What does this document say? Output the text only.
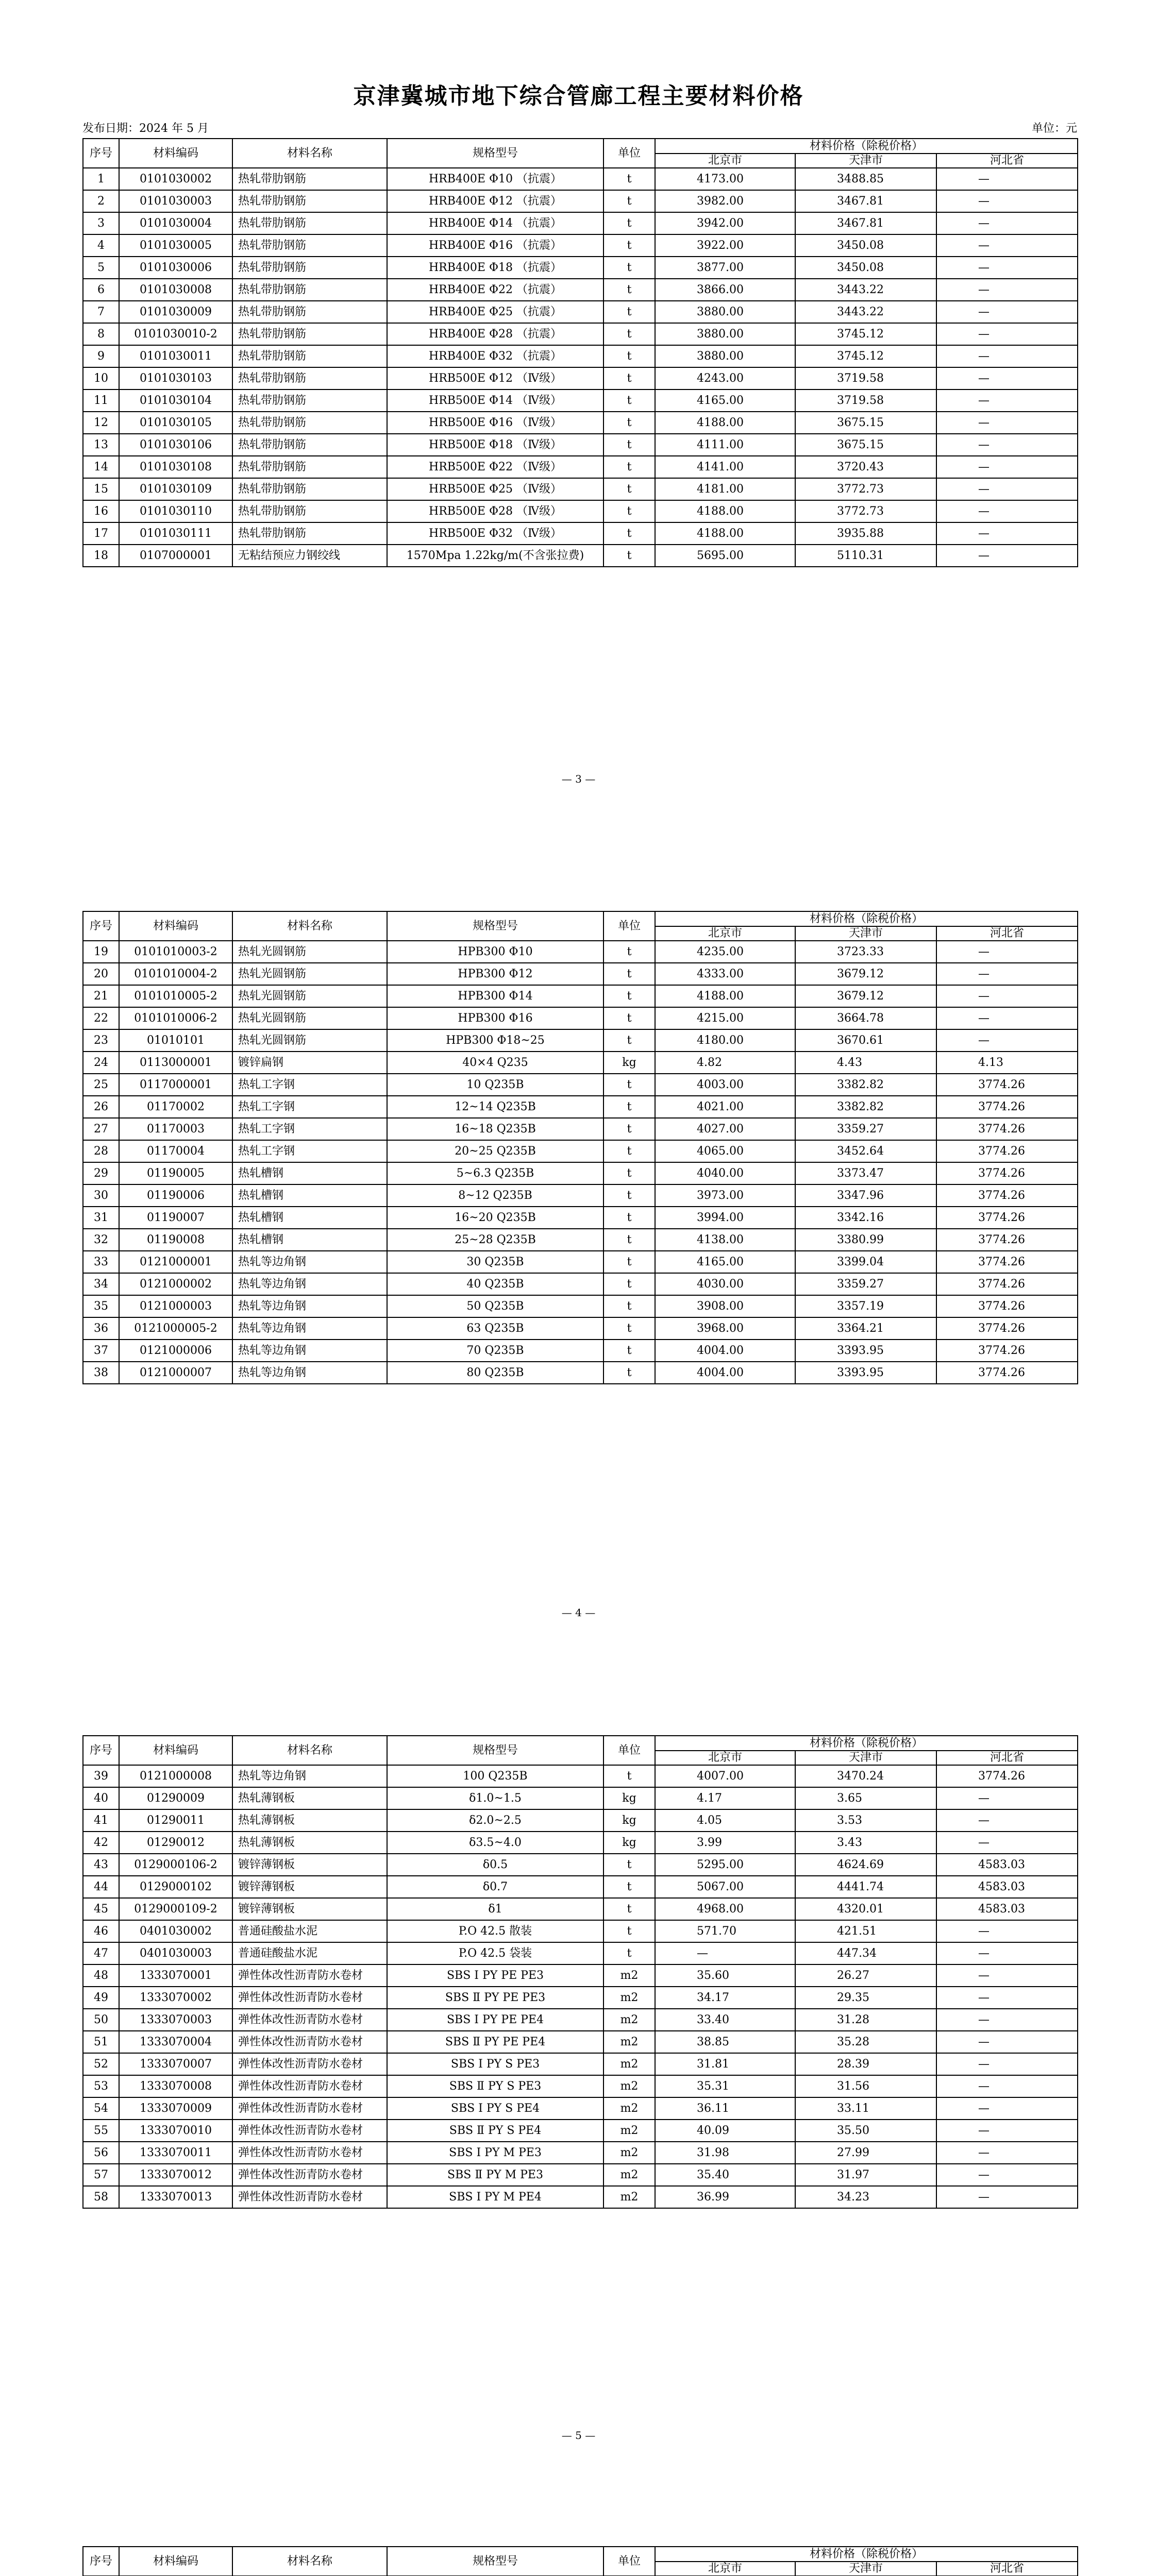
京津冀城市地下综合管廊工程主要材料价格
发布日期：2024 年 5 月	单位：元
序号	材料编码	材料名称	规格型号	单位	材料价格（除税价格）		
					北京市	天津市	河北省
1	0101030002	热轧带肋钢筋	HRB400E Φ10 （抗震）	t	4173.00	3488.85	—
2	0101030003	热轧带肋钢筋	HRB400E Φ12 （抗震）	t	3982.00	3467.81	—
3	0101030004	热轧带肋钢筋	HRB400E Φ14 （抗震）	t	3942.00	3467.81	—
4	0101030005	热轧带肋钢筋	HRB400E Φ16 （抗震）	t	3922.00	3450.08	—
5	0101030006	热轧带肋钢筋	HRB400E Φ18 （抗震）	t	3877.00	3450.08	—
6	0101030008	热轧带肋钢筋	HRB400E Φ22 （抗震）	t	3866.00	3443.22	—
7	0101030009	热轧带肋钢筋	HRB400E Φ25 （抗震）	t	3880.00	3443.22	—
8	0101030010-2	热轧带肋钢筋	HRB400E Φ28 （抗震）	t	3880.00	3745.12	—
9	0101030011	热轧带肋钢筋	HRB400E Φ32 （抗震）	t	3880.00	3745.12	—
10	0101030103	热轧带肋钢筋	HRB500E Φ12 （Ⅳ级）	t	4243.00	3719.58	—
11	0101030104	热轧带肋钢筋	HRB500E Φ14 （Ⅳ级）	t	4165.00	3719.58	—
12	0101030105	热轧带肋钢筋	HRB500E Φ16 （Ⅳ级）	t	4188.00	3675.15	—
13	0101030106	热轧带肋钢筋	HRB500E Φ18 （Ⅳ级）	t	4111.00	3675.15	—
14	0101030108	热轧带肋钢筋	HRB500E Φ22 （Ⅳ级）	t	4141.00	3720.43	—
15	0101030109	热轧带肋钢筋	HRB500E Φ25 （Ⅳ级）	t	4181.00	3772.73	—
16	0101030110	热轧带肋钢筋	HRB500E Φ28 （Ⅳ级）	t	4188.00	3772.73	—
17	0101030111	热轧带肋钢筋	HRB500E Φ32 （Ⅳ级）	t	4188.00	3935.88	—
18	0107000001	无粘结预应力钢绞线	1570Mpa 1.22kg/m(不含张拉费)	t	5695.00	5110.31	—
— 3 —
序号	材料编码	材料名称	规格型号	单位	材料价格（除税价格）		
					北京市	天津市	河北省
19	0101010003-2	热轧光圆钢筋	HPB300 Φ10	t	4235.00	3723.33	—
20	0101010004-2	热轧光圆钢筋	HPB300 Φ12	t	4333.00	3679.12	—
21	0101010005-2	热轧光圆钢筋	HPB300 Φ14	t	4188.00	3679.12	—
22	0101010006-2	热轧光圆钢筋	HPB300 Φ16	t	4215.00	3664.78	—
23	01010101	热轧光圆钢筋	HPB300 Φ18~25	t	4180.00	3670.61	—
24	0113000001	镀锌扁钢	40×4 Q235	kg	4.82	4.43	4.13
25	0117000001	热轧工字钢	10 Q235B	t	4003.00	3382.82	3774.26
26	01170002	热轧工字钢	12~14 Q235B	t	4021.00	3382.82	3774.26
27	01170003	热轧工字钢	16~18 Q235B	t	4027.00	3359.27	3774.26
28	01170004	热轧工字钢	20~25 Q235B	t	4065.00	3452.64	3774.26
29	01190005	热轧槽钢	5~6.3 Q235B	t	4040.00	3373.47	3774.26
30	01190006	热轧槽钢	8~12 Q235B	t	3973.00	3347.96	3774.26
31	01190007	热轧槽钢	16~20 Q235B	t	3994.00	3342.16	3774.26
32	01190008	热轧槽钢	25~28 Q235B	t	4138.00	3380.99	3774.26
33	0121000001	热轧等边角钢	30 Q235B	t	4165.00	3399.04	3774.26
34	0121000002	热轧等边角钢	40 Q235B	t	4030.00	3359.27	3774.26
35	0121000003	热轧等边角钢	50 Q235B	t	3908.00	3357.19	3774.26
36	0121000005-2	热轧等边角钢	63 Q235B	t	3968.00	3364.21	3774.26
37	0121000006	热轧等边角钢	70 Q235B	t	4004.00	3393.95	3774.26
38	0121000007	热轧等边角钢	80 Q235B	t	4004.00	3393.95	3774.26
— 4 —
序号	材料编码	材料名称	规格型号	单位	材料价格（除税价格）		
					北京市	天津市	河北省
39	0121000008	热轧等边角钢	100 Q235B	t	4007.00	3470.24	3774.26
40	01290009	热轧薄钢板	δ1.0~1.5	kg	4.17	3.65	—
41	01290011	热轧薄钢板	δ2.0~2.5	kg	4.05	3.53	—
42	01290012	热轧薄钢板	δ3.5~4.0	kg	3.99	3.43	—
43	0129000106-2	镀锌薄钢板	δ0.5	t	5295.00	4624.69	4583.03
44	0129000102	镀锌薄钢板	δ0.7	t	5067.00	4441.74	4583.03
45	0129000109-2	镀锌薄钢板	δ1	t	4968.00	4320.01	4583.03
46	0401030002	普通硅酸盐水泥	P.O 42.5 散装	t	571.70	421.51	—
47	0401030003	普通硅酸盐水泥	P.O 42.5 袋装	t	—	447.34	—
48	1333070001	弹性体改性沥青防水卷材	SBS Ⅰ PY PE PE3	m2	35.60	26.27	—
49	1333070002	弹性体改性沥青防水卷材	SBS Ⅱ PY PE PE3	m2	34.17	29.35	—
50	1333070003	弹性体改性沥青防水卷材	SBS Ⅰ PY PE PE4	m2	33.40	31.28	—
51	1333070004	弹性体改性沥青防水卷材	SBS Ⅱ PY PE PE4	m2	38.85	35.28	—
52	1333070007	弹性体改性沥青防水卷材	SBS Ⅰ PY S PE3	m2	31.81	28.39	—
53	1333070008	弹性体改性沥青防水卷材	SBS Ⅱ PY S PE3	m2	35.31	31.56	—
54	1333070009	弹性体改性沥青防水卷材	SBS Ⅰ PY S PE4	m2	36.11	33.11	—
55	1333070010	弹性体改性沥青防水卷材	SBS Ⅱ PY S PE4	m2	40.09	35.50	—
56	1333070011	弹性体改性沥青防水卷材	SBS Ⅰ PY M PE3	m2	31.98	27.99	—
57	1333070012	弹性体改性沥青防水卷材	SBS Ⅱ PY M PE3	m2	35.40	31.97	—
58	1333070013	弹性体改性沥青防水卷材	SBS Ⅰ PY M PE4	m2	36.99	34.23	—
— 5 —
序号	材料编码	材料名称	规格型号	单位	材料价格（除税价格）		
					北京市	天津市	河北省
